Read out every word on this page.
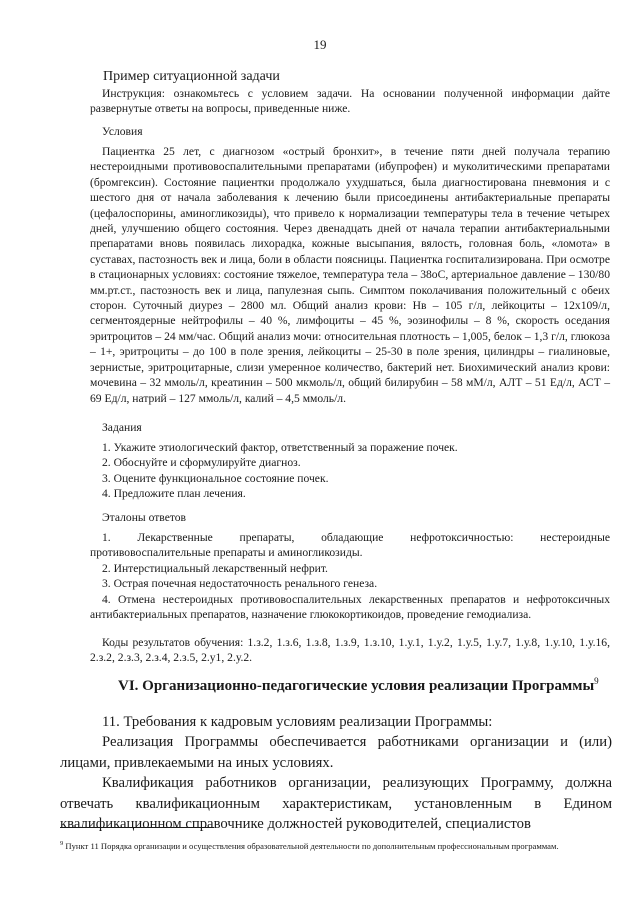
19
Пример ситуационной задачи
Инструкция: ознакомьтесь с условием задачи. На основании полученной информации дайте развернутые ответы на вопросы, приведенные ниже.
Условия
Пациентка 25 лет, с диагнозом «острый бронхит», в течение пяти дней получала терапию нестероидными противовоспалительными препаратами (ибупрофен) и муколитическими препаратами (бромгексин). Состояние пациентки продолжало ухудшаться, была диагностирована пневмония и с шестого дня от начала заболевания к лечению были присоединены антибактериальные препараты (цефалоспорины, аминогликозиды), что привело к нормализации температуры тела в течение четырех дней, улучшению общего состояния. Через двенадцать дней от начала терапии антибактериальными препаратами вновь появилась лихорадка, кожные высыпания, вялость, головная боль, «ломота» в суставах, пастозность век и лица, боли в области поясницы. Пациентка госпитализирована. При осмотре в стационарных условиях: состояние тяжелое, температура тела – 38оС, артериальное давление – 130/80 мм.рт.ст., пастозность век и лица, папулезная сыпь. Симптом поколачивания положительный с обеих сторон. Суточный диурез – 2800 мл. Общий анализ крови: Нв – 105 г/л, лейкоциты – 12х109/л, сегментоядерные нейтрофилы – 40 %, лимфоциты – 45 %, эозинофилы – 8 %, скорость оседания эритроцитов – 24 мм/час. Общий анализ мочи: относительная плотность – 1,005, белок – 1,3 г/л, глюкоза – 1+, эритроциты – до 100 в поле зрения, лейкоциты – 25-30 в поле зрения, цилиндры – гиалиновые, зернистые, эритроцитарные, слизи умеренное количество, бактерий нет. Биохимический анализ крови: мочевина – 32 ммоль/л, креатинин – 500 мкмоль/л, общий билирубин – 58 мМ/л, АЛТ – 51 Ед/л, АСТ – 69 Ед/л, натрий – 127 ммоль/л, калий – 4,5 ммоль/л.
Задания
1. Укажите этиологический фактор, ответственный за поражение почек.
2. Обоснуйте и сформулируйте диагноз.
3. Оцените функциональное состояние почек.
4. Предложите план лечения.
Эталоны ответов

1. Лекарственные препараты, обладающие нефротоксичностью: нестероидные противовоспалительные препараты и аминогликозиды.

2. Интерстициальный лекарственный нефрит.

3. Острая почечная недостаточность ренального генеза.

4. Отмена нестероидных противовоспалительных лекарственных препаратов и нефротоксичных антибактериальных препаратов, назначение глюкокортикоидов, проведение гемодиализа.

Коды результатов обучения: 1.з.2, 1.з.6, 1.з.8, 1.з.9, 1.з.10, 1.у.1, 1.у.2, 1.у.5, 1.у.7, 1.у.8, 1.у.10, 1.у.16, 2.з.2, 2.з.3, 2.з.4, 2.з.5, 2.у1, 2.у.2.
VI. Организационно-педагогические условия реализации Программы$^9$
11. Требования к кадровым условиям реализации Программы:
Реализация Программы обеспечивается работниками организации и (или) лицами, привлекаемыми на иных условиях.
Квалификация работников организации, реализующих Программу, должна отвечать квалификационным характеристикам, установленным в Едином квалификационном справочнике должностей руководителей, специалистов
$^9$ Пункт 11 Порядка организации и осуществления образовательной деятельности по дополнительным профессиональным программам.
